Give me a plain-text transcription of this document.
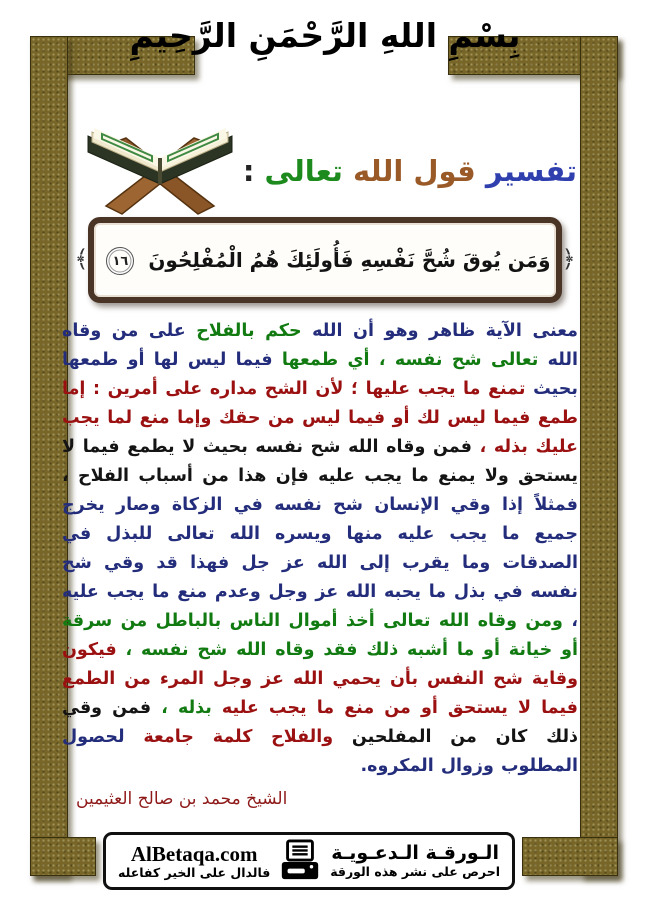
بِسْمِ اللهِ الرَّحْمَنِ الرَّحِيمِ
تفسير قول الله تعالى :
﴿ وَمَن يُوقَ شُحَّ نَفْسِهِ فَأُولَئِكَ هُمُ الْمُفْلِحُونَ ١٦ ﴾

معنى الآية ظاهر وهو أن الله حكم بالفلاح على من وقاه الله تعالى شح نفسه ، أي طمعها فيما ليس لها أو طمعها بحيث تمنع ما يجب عليها ؛ لأن الشح مداره على أمرين : إما طمع فيما ليس لك أو فيما ليس من حقك وإما منع لما يجب عليك بذله ، فمن وقاه الله شح نفسه بحيث لا يطمع فيما لا يستحق ولا يمنع ما يجب عليه فإن هذا من أسباب الفلاح ، فمثلاً إذا وقي الإنسان شح نفسه في الزكاة وصار يخرج جميع ما يجب عليه منها ويسره الله تعالى للبذل في الصدقات وما يقرب إلى الله عز جل فهذا قد وقي شح نفسه في بذل ما يحبه الله عز وجل وعدم منع ما يجب عليه ، ومن وقاه الله تعالى أخذ أموال الناس بالباطل من سرقة أو خيانة أو ما أشبه ذلك فقد وقاه الله شح نفسه ، فيكون وقاية شح النفس بأن يحمي الله عز وجل المرء من الطمع فيما لا يستحق أو من منع ما يجب عليه بذله ، فمن وقي ذلك كان من المفلحين والفلاح كلمة جامعة لحصول المطلوب وزوال المكروه.

الشيخ محمد بن صالح العثيمين
الـورقـة الـدعـويـة
احرص على نشر هذه الورقة
AlBetaqa.com
فالدال على الخير كفاعله
